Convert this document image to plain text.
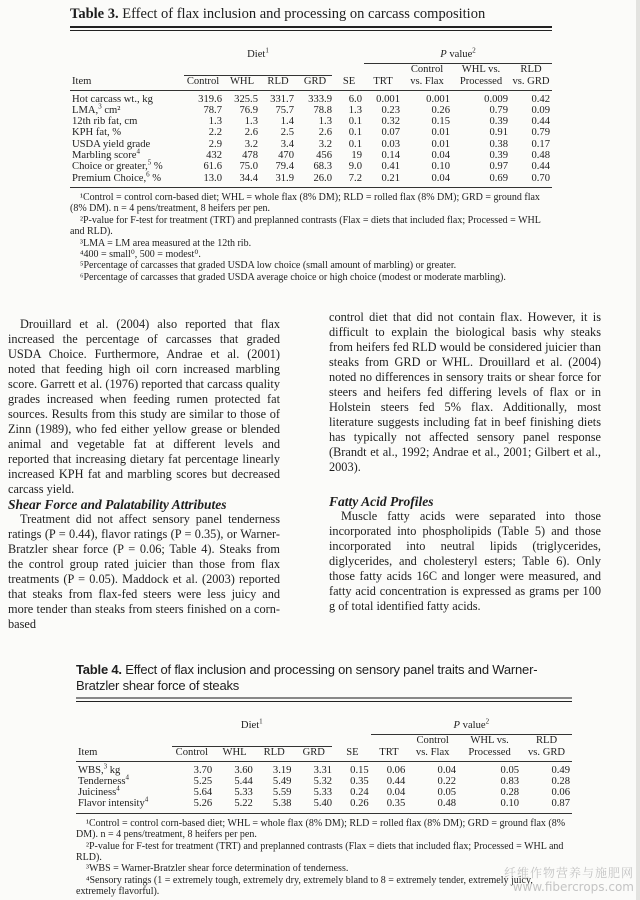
Table 3. Effect of flax inclusion and processing on carcass composition
	Diet$^1$					P value$^2$

						Control	WHL vs.	RLD
Item	Control	WHL	RLD	GRD	SE	TRT	vs. Flax	Processed	vs. GRD
Hot carcass wt., kg	319.6	325.5	331.7	333.9	6.0	0.001	0.001	0.009	0.42
LMA,$^3$ cm²	78.7	76.9	75.7	78.8	1.3	0.23	0.26	0.79	0.09
12th rib fat, cm	1.3	1.3	1.4	1.3	0.1	0.32	0.15	0.39	0.44
KPH fat, %	2.2	2.6	2.5	2.6	0.1	0.07	0.01	0.91	0.79
USDA yield grade	2.9	3.2	3.4	3.2	0.1	0.03	0.01	0.38	0.17
Marbling score$^4$	432	478	470	456	19	0.14	0.04	0.39	0.48
Choice or greater,$^5$ %	61.6	75.0	79.4	68.3	9.0	0.41	0.10	0.97	0.44
Premium Choice,$^6$ %	13.0	34.4	31.9	26.0	7.2	0.21	0.04	0.69	0.70

¹Control = control corn-based diet; WHL = whole flax (8% DM); RLD = rolled flax (8% DM); GRD = ground flax (8% DM). n = 4 pens/treatment, 8 heifers per pen.

²P-value for F-test for treatment (TRT) and preplanned contrasts (Flax = diets that included flax; Processed = WHL and RLD).

³LMA = LM area measured at the 12th rib.

⁴400 = small⁰, 500 = modest⁰.

⁵Percentage of carcasses that graded USDA low choice (small amount of marbling) or greater.

⁶Percentage of carcasses that graded USDA average choice or high choice (modest or moderate marbling).

Drouillard et al. (2004) also reported that flax increased the percentage of carcasses that graded USDA Choice. Furthermore, Andrae et al. (2001) noted that feeding high oil corn increased marbling score. Garrett et al. (1976) reported that carcass quality grades increased when feeding rumen protected fat sources. Results from this study are similar to those of Zinn (1989), who fed either yellow grease or blended animal and vegetable fat at different levels and reported that increasing dietary fat percentage linearly increased KPH fat and marbling scores but decreased carcass yield.

Shear Force and Palatability Attributes

Treatment did not affect sensory panel tenderness ratings (P = 0.44), flavor ratings (P = 0.35), or Warner-Bratzler shear force (P = 0.06; Table 4). Steaks from the control group rated juicier than those from flax treatments (P = 0.05). Maddock et al. (2003) reported that steaks from flax-fed steers were less juicy and more tender than steaks from steers finished on a corn-based

control diet that did not contain flax. However, it is difficult to explain the biological basis why steaks from heifers fed RLD would be considered juicier than steaks from GRD or WHL. Drouillard et al. (2004) noted no differences in sensory traits or shear force for steers and heifers fed differing levels of flax or in Holstein steers fed 5% flax. Additionally, most literature suggests including fat in beef finishing diets has typically not affected sensory panel response (Brandt et al., 1992; Andrae et al., 2001; Gilbert et al., 2003).

Fatty Acid Profiles

Muscle fatty acids were separated into those incorporated into phospholipids (Table 5) and those incorporated into neutral lipids (triglycerides, diglycerides, and cholesteryl esters; Table 6). Only those fatty acids 16C and longer were measured, and fatty acid concentration is expressed as grams per 100 g of total identified fatty acids.

Table 4. Effect of flax inclusion and processing on sensory panel traits and Warner-Bratzler shear force of steaks
	Diet$^1$					P value$^2$

						Control	WHL vs.	RLD
Item	Control	WHL	RLD	GRD	SE	TRT	vs. Flax	Processed	vs. GRD
WBS,$^3$ kg	3.70	3.60	3.19	3.31	0.15	0.06	0.04	0.05	0.49
Tenderness$^4$	5.25	5.44	5.49	5.32	0.35	0.44	0.22	0.83	0.28
Juiciness$^4$	5.64	5.33	5.59	5.33	0.24	0.04	0.05	0.28	0.06
Flavor intensity$^4$	5.26	5.22	5.38	5.40	0.26	0.35	0.48	0.10	0.87

¹Control = control corn-based diet; WHL = whole flax (8% DM); RLD = rolled flax (8% DM); GRD = ground flax (8% DM). n = 4 pens/treatment, 8 heifers per pen.

²P-value for F-test for treatment (TRT) and preplanned contrasts (Flax = diets that included flax; Processed = WHL and RLD).

³WBS = Warner-Bratzler shear force determination of tenderness.

⁴Sensory ratings (1 = extremely tough, extremely dry, extremely bland to 8 = extremely tender, extremely juicy, extremely flavorful).

纤维作物营养与施肥网
www.fibercrops.com
